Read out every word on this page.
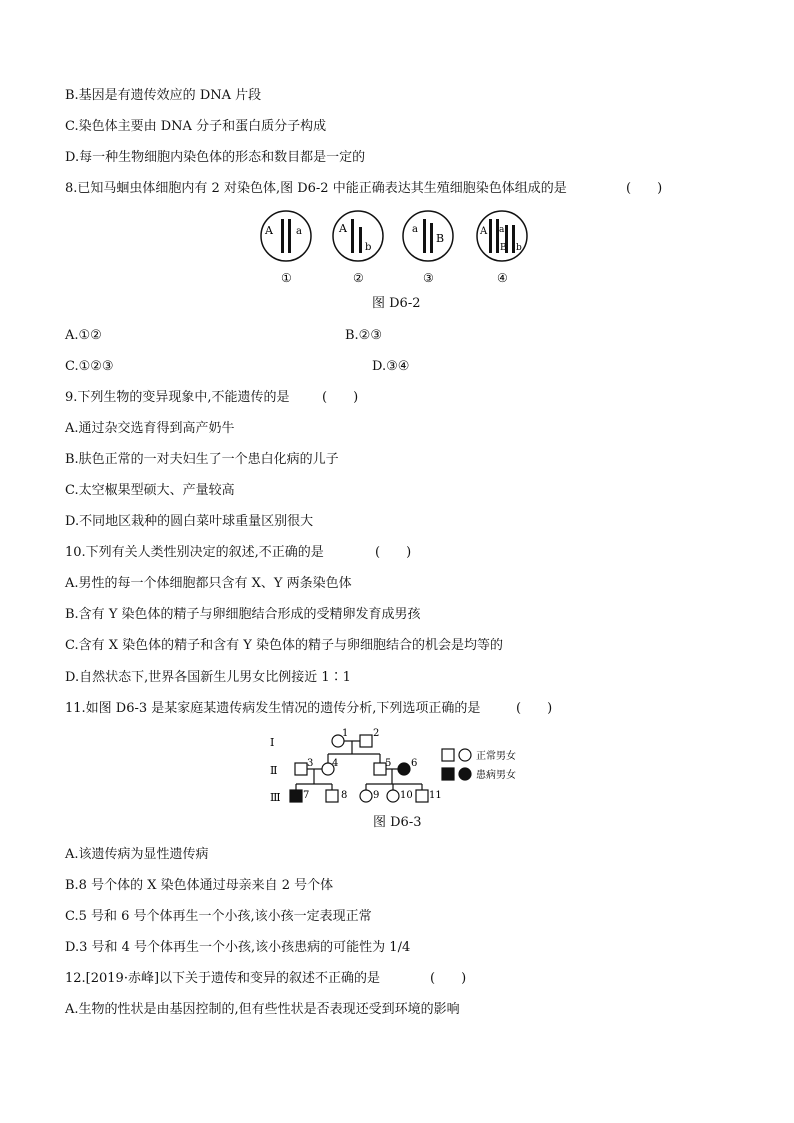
B.基因是有遗传效应的 DNA 片段
C.染色体主要由 DNA 分子和蛋白质分子构成
D.每一种生物细胞内染色体的形态和数目都是一定的
8.已知马蛔虫体细胞内有 2 对染色体,图 D6-2 中能正确表达其生殖细胞染色体组成的是	(　　)
A a
①
A
b
②
a
B
③
A a
B b
④
图 D6-2
A.①②	B.②③
C.①②③	D.③④
9.下列生物的变异现象中,不能遗传的是 (　　)
A.通过杂交选育得到高产奶牛
B.肤色正常的一对夫妇生了一个患白化病的儿子
C.太空椒果型硕大、产量较高
D.不同地区栽种的圆白菜叶球重量区别很大
10.下列有关人类性别决定的叙述,不正确的是	(　　)
A.男性的每一个体细胞都只含有 X、Y 两条染色体
B.含有 Y 染色体的精子与卵细胞结合形成的受精卵发育成男孩
C.含有 X 染色体的精子和含有 Y 染色体的精子与卵细胞结合的机会是均等的
D.自然状态下,世界各国新生儿男女比例接近 1∶1
11.如图 D6-3 是某家庭某遗传病发生情况的遗传分析,下列选项正确的是	(　　)
Ⅰ
Ⅱ
Ⅲ
1 2
3 4	5 6
7	8	9 10 11
正常男女
患病男女
图 D6-3
A.该遗传病为显性遗传病
B.8 号个体的 X 染色体通过母亲来自 2 号个体
C.5 号和 6 号个体再生一个小孩,该小孩一定表现正常
D.3 号和 4 号个体再生一个小孩,该小孩患病的可能性为 1/4
12.[2019·赤峰]以下关于遗传和变异的叙述不正确的是	(　　)
A.生物的性状是由基因控制的,但有些性状是否表现还受到环境的影响
